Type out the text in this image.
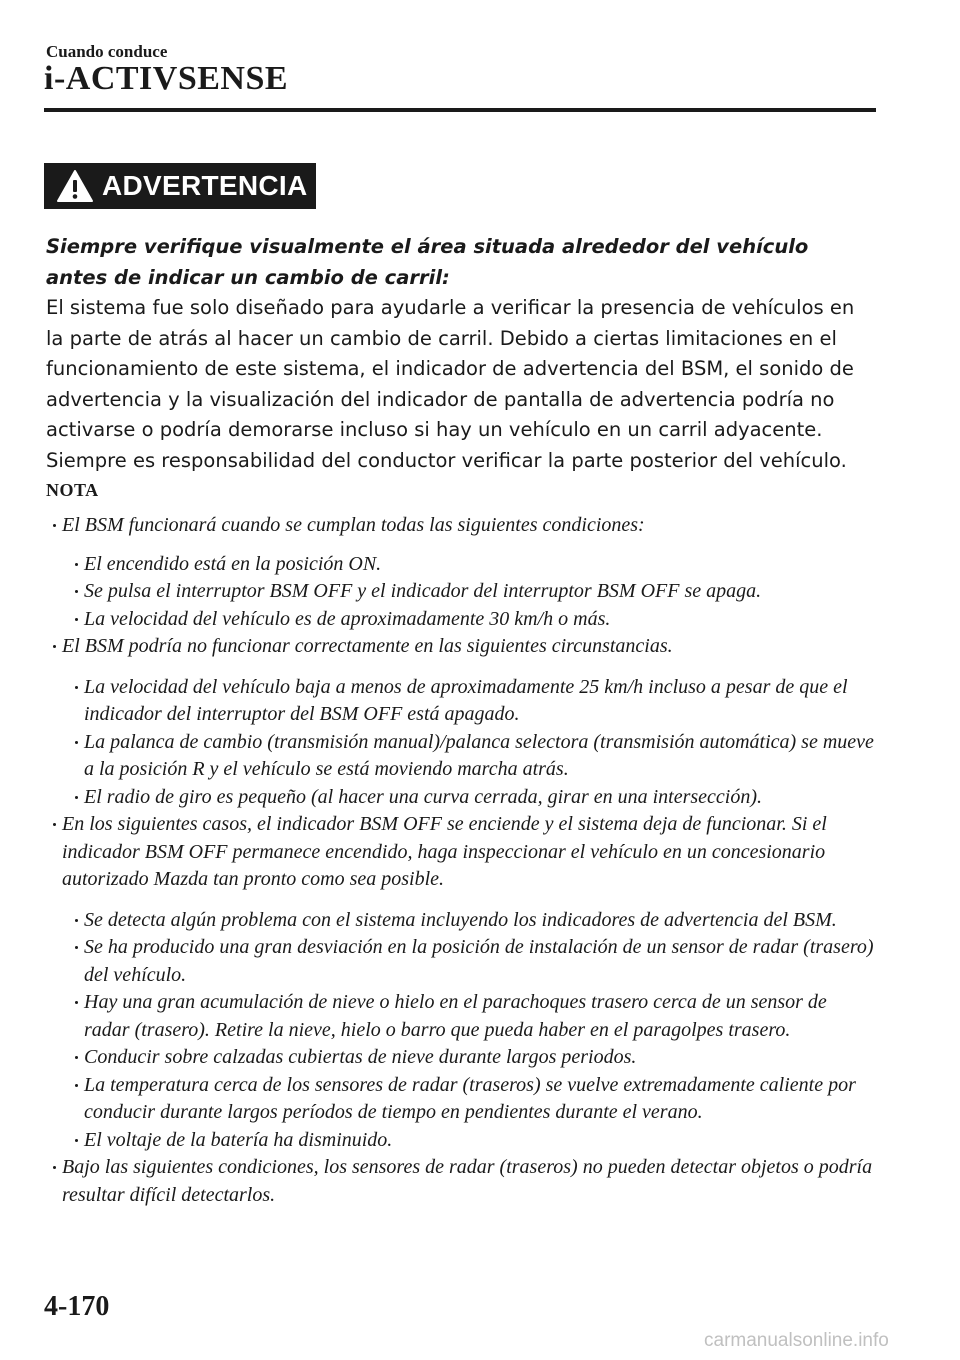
Cuando conduce
i-ACTIVSENSE
ADVERTENCIA

Siempre verifique visualmente el área situada alrededor del vehículo antes de indicar un cambio de carril:

El sistema fue solo diseñado para ayudarle a verificar la presencia de vehículos en la parte de atrás al hacer un cambio de carril. Debido a ciertas limitaciones en el funcionamiento de este sistema, el indicador de advertencia del BSM, el sonido de advertencia y la visualización del indicador de pantalla de advertencia podría no activarse o podría demorarse incluso si hay un vehículo en un carril adyacente. Siempre es responsabilidad del conductor verificar la parte posterior del vehículo.

NOTA
El BSM funcionará cuando se cumplan todas las siguientes condiciones:
El encendido está en la posición ON.
Se pulsa el interruptor BSM OFF y el indicador del interruptor BSM OFF se apaga.
La velocidad del vehículo es de aproximadamente 30 km/h o más.
El BSM podría no funcionar correctamente en las siguientes circunstancias.
La velocidad del vehículo baja a menos de aproximadamente 25 km/h incluso a pesar de que el indicador del interruptor del BSM OFF está apagado.
La palanca de cambio (transmisión manual)/palanca selectora (transmisión automática) se mueve a la posición R y el vehículo se está moviendo marcha atrás.
El radio de giro es pequeño (al hacer una curva cerrada, girar en una intersección).
En los siguientes casos, el indicador BSM OFF se enciende y el sistema deja de funcionar. Si el indicador BSM OFF permanece encendido, haga inspeccionar el vehículo en un concesionario autorizado Mazda tan pronto como sea posible.
Se detecta algún problema con el sistema incluyendo los indicadores de advertencia del BSM.
Se ha producido una gran desviación en la posición de instalación de un sensor de radar (trasero) del vehículo.
Hay una gran acumulación de nieve o hielo en el parachoques trasero cerca de un sensor de radar (trasero). Retire la nieve, hielo o barro que pueda haber en el paragolpes trasero.
Conducir sobre calzadas cubiertas de nieve durante largos periodos.
La temperatura cerca de los sensores de radar (traseros) se vuelve extremadamente caliente por conducir durante largos períodos de tiempo en pendientes durante el verano.
El voltaje de la batería ha disminuido.
Bajo las siguientes condiciones, los sensores de radar (traseros) no pueden detectar objetos o podría resultar difícil detectarlos.
4-170
carmanualsonline.info
